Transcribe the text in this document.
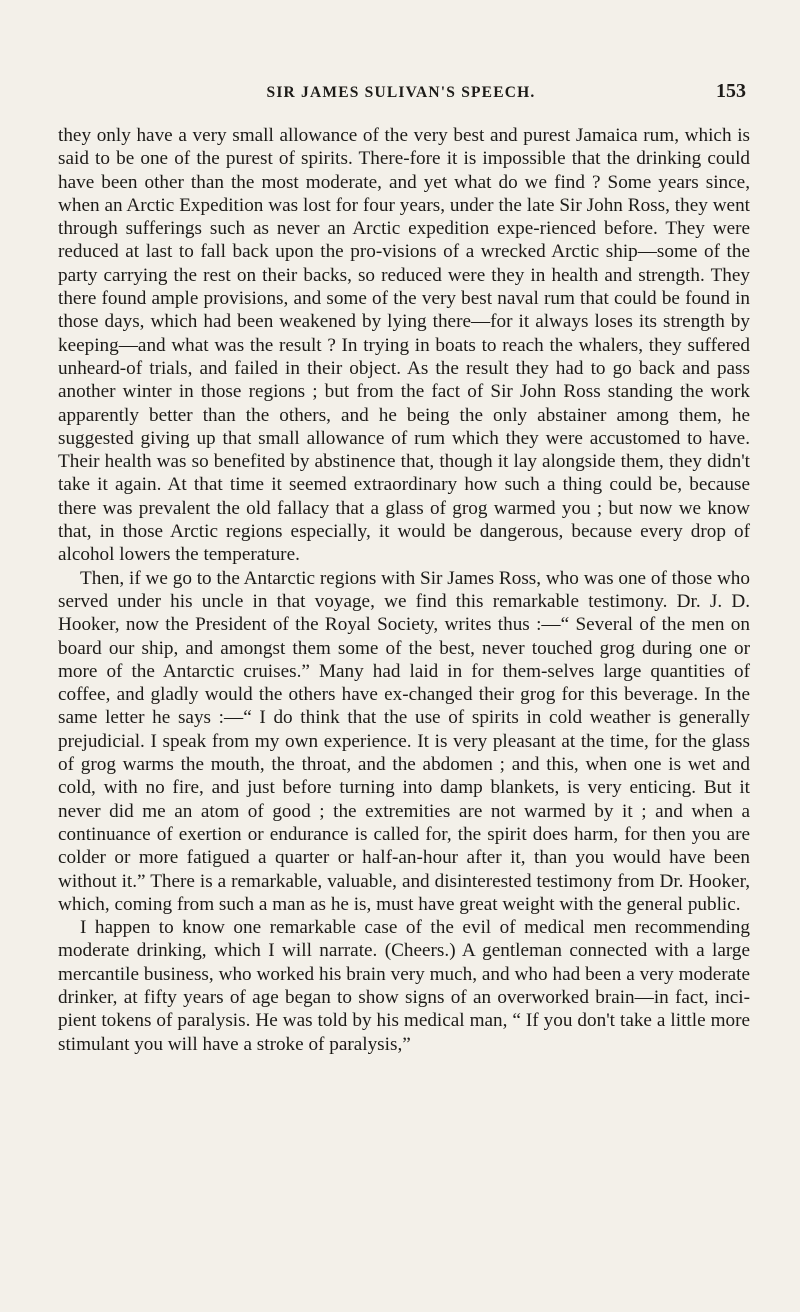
SIR JAMES SULIVAN'S SPEECH.	153

they only have a very small allowance of the very best and purest Jamaica rum, which is said to be one of the purest of spirits. There-fore it is impossible that the drinking could have been other than the most moderate, and yet what do we find ? Some years since, when an Arctic Expedition was lost for four years, under the late Sir John Ross, they went through sufferings such as never an Arctic expedition expe-rienced before. They were reduced at last to fall back upon the pro-visions of a wrecked Arctic ship—some of the party carrying the rest on their backs, so reduced were they in health and strength. They there found ample provisions, and some of the very best naval rum that could be found in those days, which had been weakened by lying there—for it always loses its strength by keeping—and what was the result ? In trying in boats to reach the whalers, they suffered unheard-of trials, and failed in their object. As the result they had to go back and pass another winter in those regions ; but from the fact of Sir John Ross standing the work apparently better than the others, and he being the only abstainer among them, he suggested giving up that small allowance of rum which they were accustomed to have. Their health was so benefited by abstinence that, though it lay alongside them, they didn't take it again. At that time it seemed extraordinary how such a thing could be, because there was prevalent the old fallacy that a glass of grog warmed you ; but now we know that, in those Arctic regions especially, it would be dangerous, because every drop of alcohol lowers the temperature.

Then, if we go to the Antarctic regions with Sir James Ross, who was one of those who served under his uncle in that voyage, we find this remarkable testimony. Dr. J. D. Hooker, now the President of the Royal Society, writes thus :—“ Several of the men on board our ship, and amongst them some of the best, never touched grog during one or more of the Antarctic cruises.” Many had laid in for them-selves large quantities of coffee, and gladly would the others have ex-changed their grog for this beverage. In the same letter he says :—“ I do think that the use of spirits in cold weather is generally prejudicial. I speak from my own experience. It is very pleasant at the time, for the glass of grog warms the mouth, the throat, and the abdomen ; and this, when one is wet and cold, with no fire, and just before turning into damp blankets, is very enticing. But it never did me an atom of good ; the extremities are not warmed by it ; and when a continuance of exertion or endurance is called for, the spirit does harm, for then you are colder or more fatigued a quarter or half-an-hour after it, than you would have been without it.” There is a remarkable, valuable, and disinterested testimony from Dr. Hooker, which, coming from such a man as he is, must have great weight with the general public.

I happen to know one remarkable case of the evil of medical men recommending moderate drinking, which I will narrate. (Cheers.) A gentleman connected with a large mercantile business, who worked his brain very much, and who had been a very moderate drinker, at fifty years of age began to show signs of an overworked brain—in fact, inci-pient tokens of paralysis. He was told by his medical man, “ If you don't take a little more stimulant you will have a stroke of paralysis,”
